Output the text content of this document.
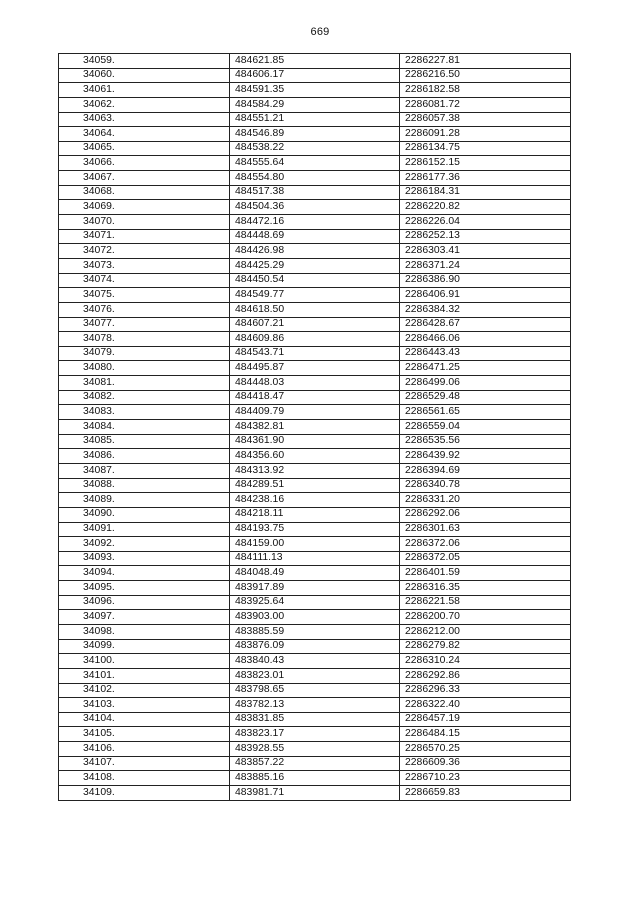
669
34059.	484621.85	2286227.81
34060.	484606.17	2286216.50
34061.	484591.35	2286182.58
34062.	484584.29	2286081.72
34063.	484551.21	2286057.38
34064.	484546.89	2286091.28
34065.	484538.22	2286134.75
34066.	484555.64	2286152.15
34067.	484554.80	2286177.36
34068.	484517.38	2286184.31
34069.	484504.36	2286220.82
34070.	484472.16	2286226.04
34071.	484448.69	2286252.13
34072.	484426.98	2286303.41
34073.	484425.29	2286371.24
34074.	484450.54	2286386.90
34075.	484549.77	2286406.91
34076.	484618.50	2286384.32
34077.	484607.21	2286428.67
34078.	484609.86	2286466.06
34079.	484543.71	2286443.43
34080.	484495.87	2286471.25
34081.	484448.03	2286499.06
34082.	484418.47	2286529.48
34083.	484409.79	2286561.65
34084.	484382.81	2286559.04
34085.	484361.90	2286535.56
34086.	484356.60	2286439.92
34087.	484313.92	2286394.69
34088.	484289.51	2286340.78
34089.	484238.16	2286331.20
34090.	484218.11	2286292.06
34091.	484193.75	2286301.63
34092.	484159.00	2286372.06
34093.	484111.13	2286372.05
34094.	484048.49	2286401.59
34095.	483917.89	2286316.35
34096.	483925.64	2286221.58
34097.	483903.00	2286200.70
34098.	483885.59	2286212.00
34099.	483876.09	2286279.82
34100.	483840.43	2286310.24
34101.	483823.01	2286292.86
34102.	483798.65	2286296.33
34103.	483782.13	2286322.40
34104.	483831.85	2286457.19
34105.	483823.17	2286484.15
34106.	483928.55	2286570.25
34107.	483857.22	2286609.36
34108.	483885.16	2286710.23
34109.	483981.71	2286659.83
